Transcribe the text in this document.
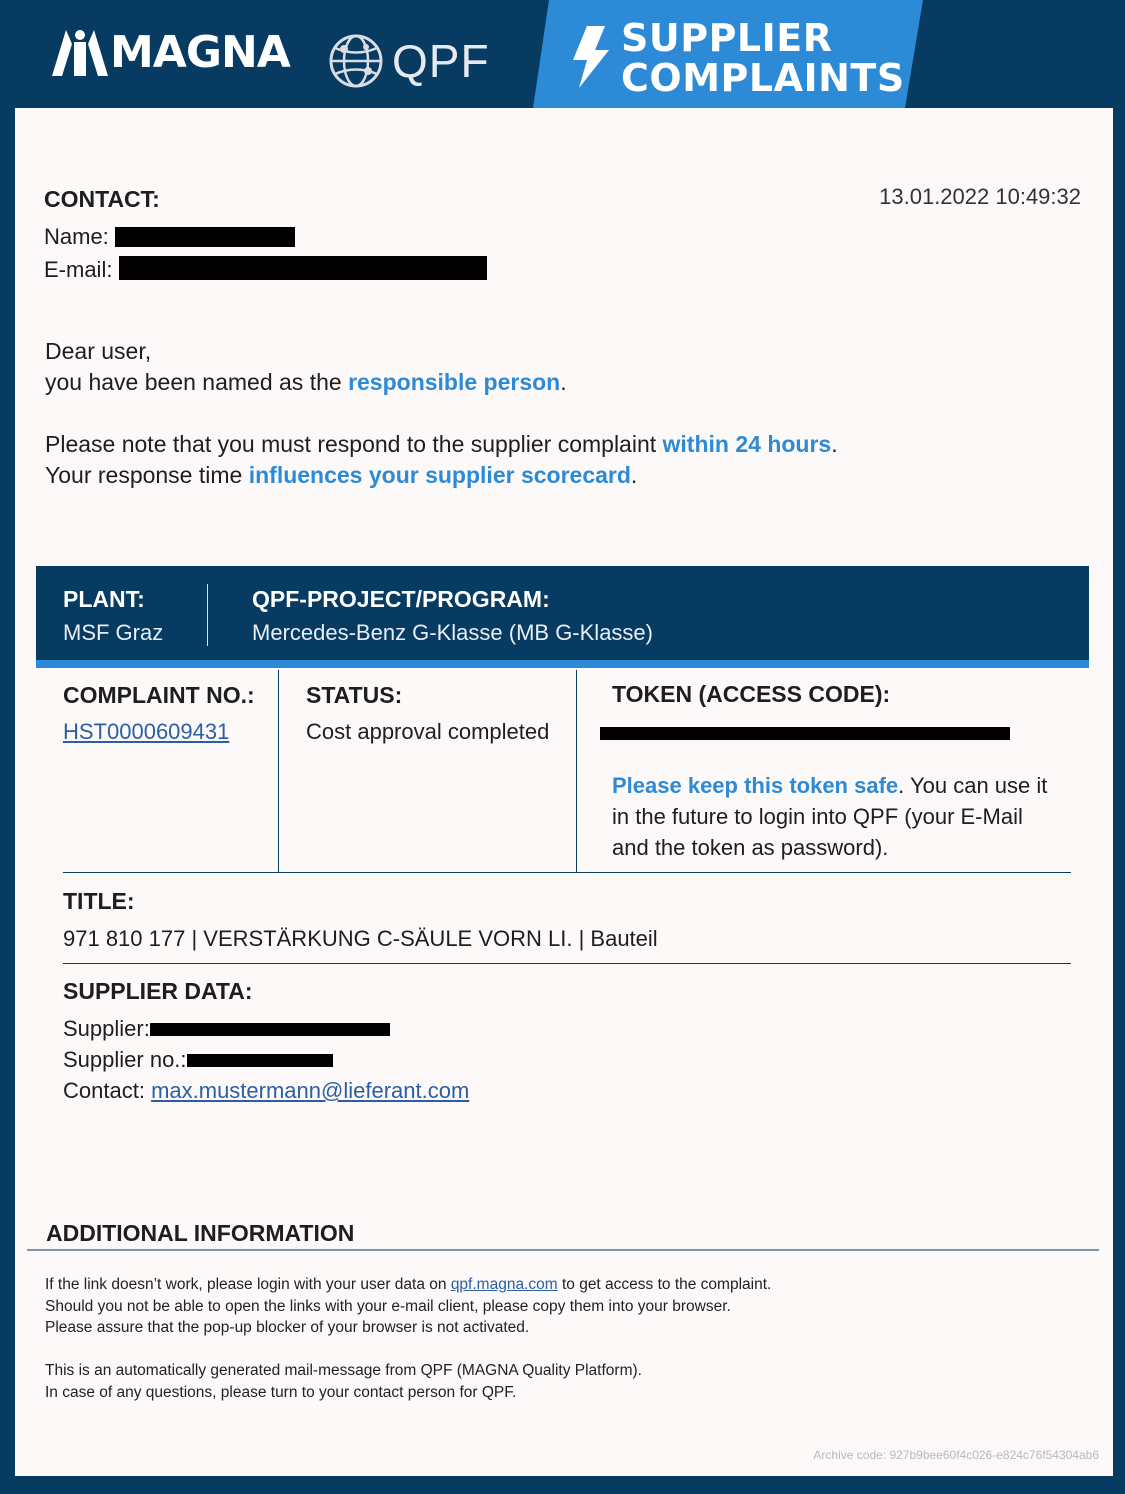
MAGNA QPF	SUPPLIER
COMPLAINTS
CONTACT:	13.01.2022 10:49:32
Name:
E-mail:
Dear user,
you have been named as the responsible person.
Please note that you must respond to the supplier complaint within 24 hours.
Your response time influences your supplier scorecard.
PLANT:
MSF Graz
QPF-PROJECT/PROGRAM:
Mercedes-Benz G-Klasse (MB G-Klasse)
COMPLAINT NO.:
HST0000609431
STATUS:
Cost approval completed
TOKEN (ACCESS CODE):
Please keep this token safe. You can use it in the future to login into QPF (your E-Mail and the token as password).
TITLE:
971 810 177 | VERSTÄRKUNG C-SÄULE VORN LI. | Bauteil
SUPPLIER DATA:
Supplier:
Supplier no.:
Contact: max.mustermann@lieferant.com
ADDITIONAL INFORMATION
If the link doesn’t work, please login with your user data on qpf.magna.com to get access to the complaint.
Should you not be able to open the links with your e-mail client, please copy them into your browser.
Please assure that the pop-up blocker of your browser is not activated.
This is an automatically generated mail-message from QPF (MAGNA Quality Platform).
In case of any questions, please turn to your contact person for QPF.
Archive code: 927b9bee60f4c026-e824c76f54304ab6
